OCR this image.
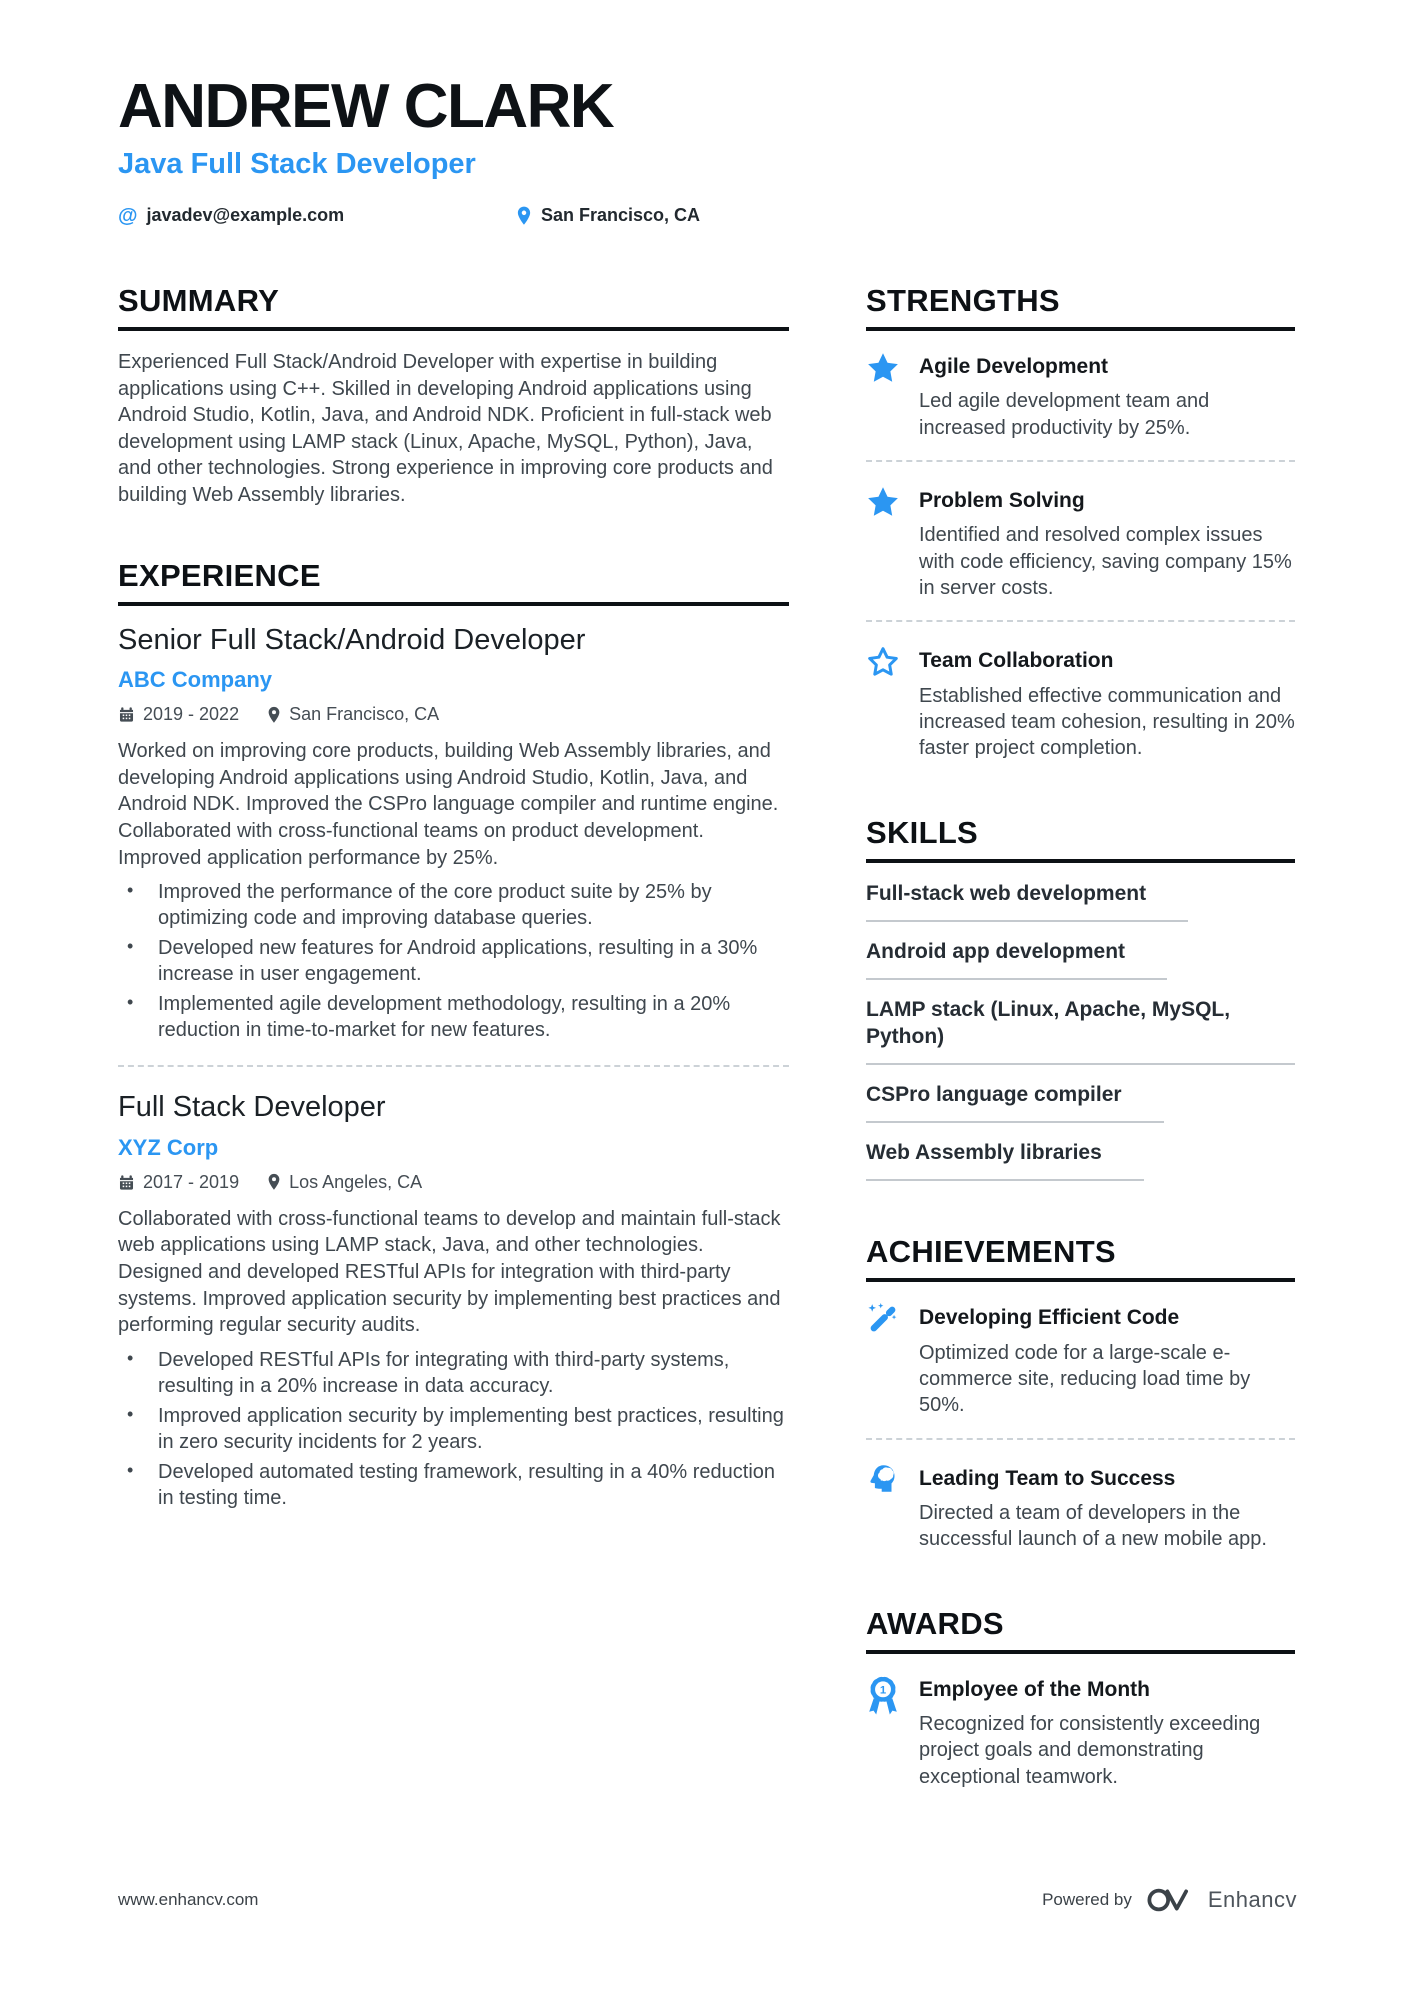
ANDREW CLARK
Java Full Stack Developer
@ javadev@example.com	San Francisco, CA
SUMMARY

Experienced Full Stack/Android Developer with expertise in building applications using C++. Skilled in developing Android applications using Android Studio, Kotlin, Java, and Android NDK. Proficient in full-stack web development using LAMP stack (Linux, Apache, MySQL, Python), Java, and other technologies. Strong experience in improving core products and building Web Assembly libraries.

EXPERIENCE
Senior Full Stack/Android Developer
ABC Company
2019 - 2022	San Francisco, CA

Worked on improving core products, building Web Assembly libraries, and developing Android applications using Android Studio, Kotlin, Java, and Android NDK. Improved the CSPro language compiler and runtime engine. Collaborated with cross-functional teams on product development. Improved application performance by 25%.

• Improved the performance of the core product suite by 25% by optimizing code and improving database queries.
• Developed new features for Android applications, resulting in a 30% increase in user engagement.
• Implemented agile development methodology, resulting in a 20% reduction in time-to-market for new features.
Full Stack Developer
XYZ Corp
2017 - 2019	Los Angeles, CA

Collaborated with cross-functional teams to develop and maintain full-stack web applications using LAMP stack, Java, and other technologies. Designed and developed RESTful APIs for integration with third-party systems. Improved application security by implementing best practices and performing regular security audits.

• Developed RESTful APIs for integrating with third-party systems, resulting in a 20% increase in data accuracy.
• Improved application security by implementing best practices, resulting in zero security incidents for 2 years.
• Developed automated testing framework, resulting in a 40% reduction in testing time.
STRENGTHS
Agile Development
Led agile development team and increased productivity by 25%.
Problem Solving
Identified and resolved complex issues with code efficiency, saving company 15% in server costs.
Team Collaboration
Established effective communication and increased team cohesion, resulting in 20% faster project completion.
SKILLS
Full-stack web development
Android app development
LAMP stack (Linux, Apache, MySQL, Python)
CSPro language compiler
Web Assembly libraries
ACHIEVEMENTS
Developing Efficient Code
Optimized code for a large-scale e-commerce site, reducing load time by 50%.
Leading Team to Success
Directed a team of developers in the successful launch of a new mobile app.
AWARDS
1 Employee of the Month
Recognized for consistently exceeding project goals and demonstrating exceptional teamwork.
www.enhancv.com	Powered by	Enhancv
